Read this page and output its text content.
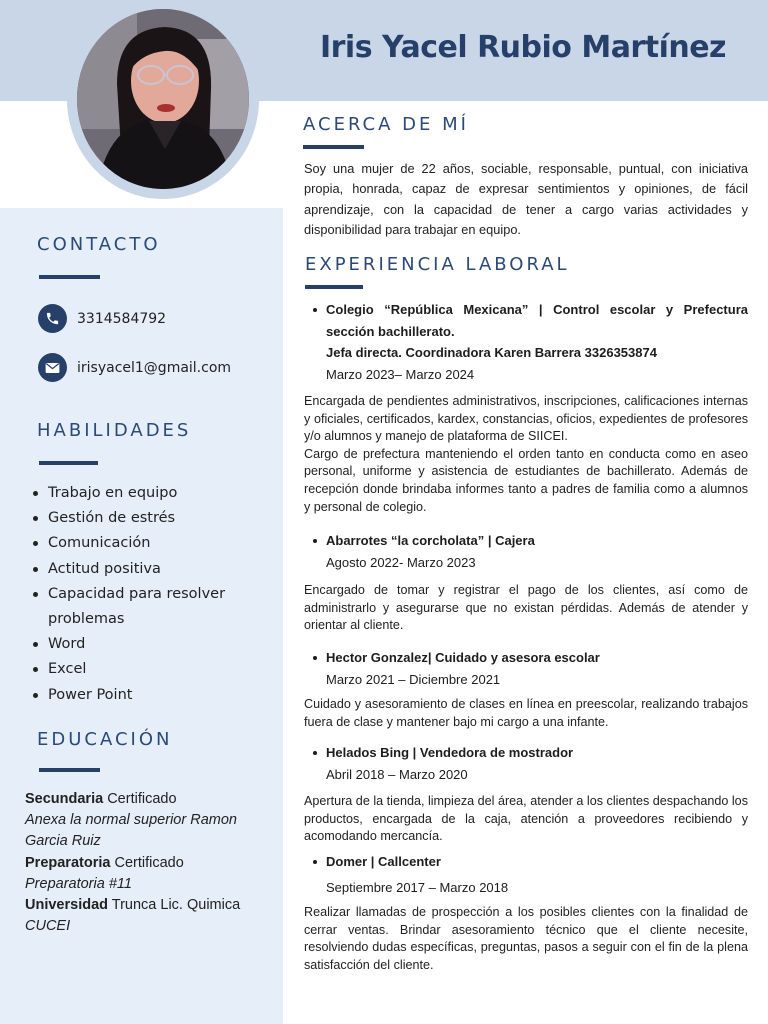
Iris Yacel Rubio Martínez
CONTACTO
3314584792
irisyacel1@gmail.com
HABILIDADES
Trabajo en equipo
Gestión de estrés
Comunicación
Actitud positiva
Capacidad para resolver problemas
Word
Excel
Power Point
EDUCACIÓN
Secundaria Certificado
Anexa la normal superior Ramon Garcia Ruiz
Preparatoria Certificado
Preparatoria #11
Universidad Trunca Lic. Quimica
CUCEI
ACERCA DE MÍ
Soy una mujer de 22 años, sociable, responsable, puntual, con iniciativa propia, honrada, capaz de expresar sentimientos y opiniones, de fácil aprendizaje, con la capacidad de tener a cargo varias actividades y disponibilidad para trabajar en equipo.
EXPERIENCIA LABORAL
Colegio “República Mexicana” | Control escolar y Prefectura sección bachillerato.
Jefa directa. Coordinadora Karen Barrera 3326353874
Marzo 2023– Marzo 2024
Encargada de pendientes administrativos, inscripciones, calificaciones internas y oficiales, certificados, kardex, constancias, oficios, expedientes de profesores y/o alumnos y manejo de plataforma de SIICEI.
Cargo de prefectura manteniendo el orden tanto en conducta como en aseo personal, uniforme y asistencia de estudiantes de bachillerato. Además de recepción donde brindaba informes tanto a padres de familia como a alumnos y personal de colegio.
Abarrotes “la corcholata” | Cajera
Agosto 2022- Marzo 2023
Encargado de tomar y registrar el pago de los clientes, así como de administrarlo y asegurarse que no existan pérdidas. Además de atender y orientar al cliente.
Hector Gonzalez| Cuidado y asesora escolar
Marzo 2021 – Diciembre 2021
Cuidado y asesoramiento de clases en línea en preescolar, realizando trabajos fuera de clase y mantener bajo mi cargo a una infante.
Helados Bing | Vendedora de mostrador
Abril 2018 – Marzo 2020
Apertura de la tienda, limpieza del área, atender a los clientes despachando los productos, encargada de la caja, atención a proveedores recibiendo y acomodando mercancía.
Domer | Callcenter
Septiembre 2017 – Marzo 2018
Realizar llamadas de prospección a los posibles clientes con la finalidad de cerrar ventas. Brindar asesoramiento técnico que el cliente necesite, resolviendo dudas específicas, preguntas, pasos a seguir con el fin de la plena satisfacción del cliente.
